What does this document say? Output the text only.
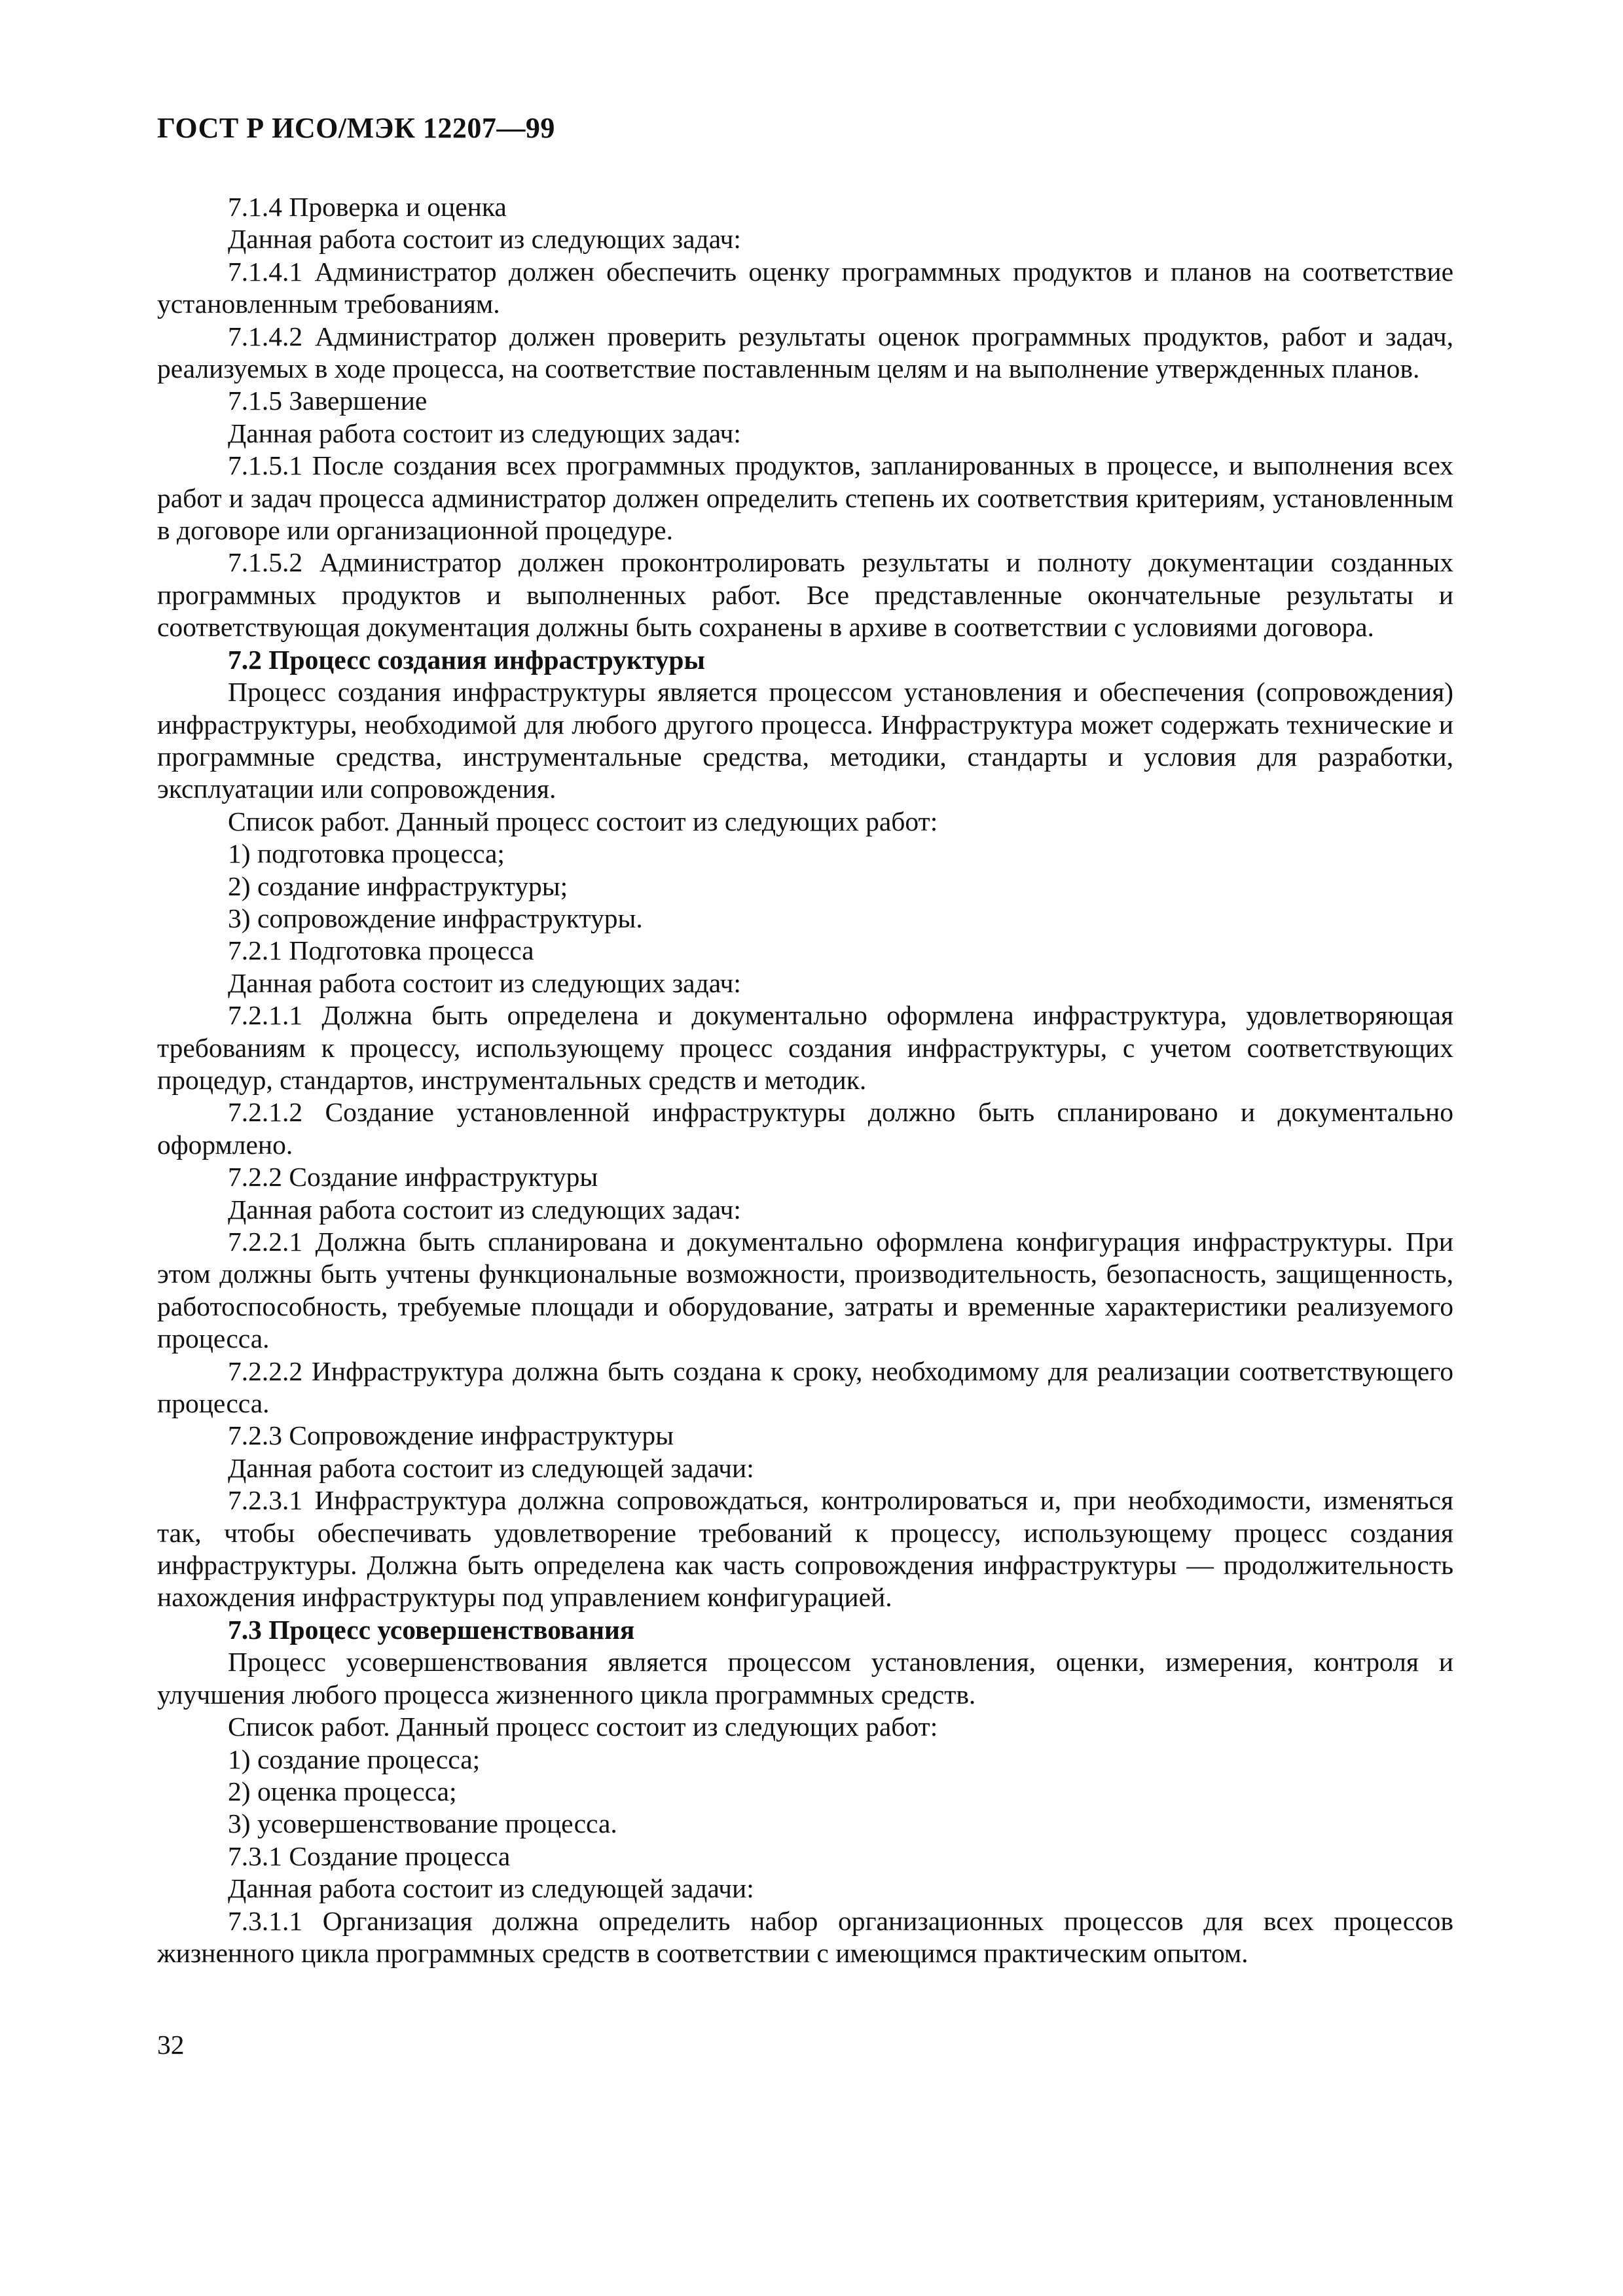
ГОСТ Р ИСО/МЭК 12207—99

7.1.4 Проверка и оценка

Данная работа состоит из следующих задач:

7.1.4.1 Администратор должен обеспечить оценку программных продуктов и планов на соответствие установленным требованиям.

7.1.4.2 Администратор должен проверить результаты оценок программных продуктов, работ и задач, реализуемых в ходе процесса, на соответствие поставленным целям и на выполнение утвержденных планов.

7.1.5 Завершение

Данная работа состоит из следующих задач:

7.1.5.1 После создания всех программных продуктов, запланированных в процессе, и выполнения всех работ и задач процесса администратор должен определить степень их соответствия критериям, установленным в договоре или организационной процедуре.

7.1.5.2 Администратор должен проконтролировать результаты и полноту документации созданных программных продуктов и выполненных работ. Все представленные окончательные результаты и соответствующая документация должны быть сохранены в архиве в соответствии с условиями договора.

7.2 Процесс создания инфраструктуры

Процесс создания инфраструктуры является процессом установления и обеспечения (сопровождения) инфраструктуры, необходимой для любого другого процесса. Инфраструктура может содержать технические и программные средства, инструментальные средства, методики, стандарты и условия для разработки, эксплуатации или сопровождения.

Список работ. Данный процесс состоит из следующих работ:

1) подготовка процесса;

2) создание инфраструктуры;

3) сопровождение инфраструктуры.

7.2.1 Подготовка процесса

Данная работа состоит из следующих задач:

7.2.1.1 Должна быть определена и документально оформлена инфраструктура, удовлетворяющая требованиям к процессу, использующему процесс создания инфраструктуры, с учетом соответствующих процедур, стандартов, инструментальных средств и методик.

7.2.1.2 Создание установленной инфраструктуры должно быть спланировано и документально оформлено.

7.2.2 Создание инфраструктуры

Данная работа состоит из следующих задач:

7.2.2.1 Должна быть спланирована и документально оформлена конфигурация инфраструктуры. При этом должны быть учтены функциональные возможности, производительность, безопасность, защищенность, работоспособность, требуемые площади и оборудование, затраты и временные характеристики реализуемого процесса.

7.2.2.2 Инфраструктура должна быть создана к сроку, необходимому для реализации соответствующего процесса.

7.2.3 Сопровождение инфраструктуры

Данная работа состоит из следующей задачи:

7.2.3.1 Инфраструктура должна сопровождаться, контролироваться и, при необходимости, изменяться так, чтобы обеспечивать удовлетворение требований к процессу, использующему процесс создания инфраструктуры. Должна быть определена как часть сопровождения инфраструктуры — продолжительность нахождения инфраструктуры под управлением конфигурацией.

7.3 Процесс усовершенствования

Процесс усовершенствования является процессом установления, оценки, измерения, контроля и улучшения любого процесса жизненного цикла программных средств.

Список работ. Данный процесс состоит из следующих работ:

1) создание процесса;

2) оценка процесса;

3) усовершенствование процесса.

7.3.1 Создание процесса

Данная работа состоит из следующей задачи:

7.3.1.1 Организация должна определить набор организационных процессов для всех процессов жизненного цикла программных средств в соответствии с имеющимся практическим опытом.

32
